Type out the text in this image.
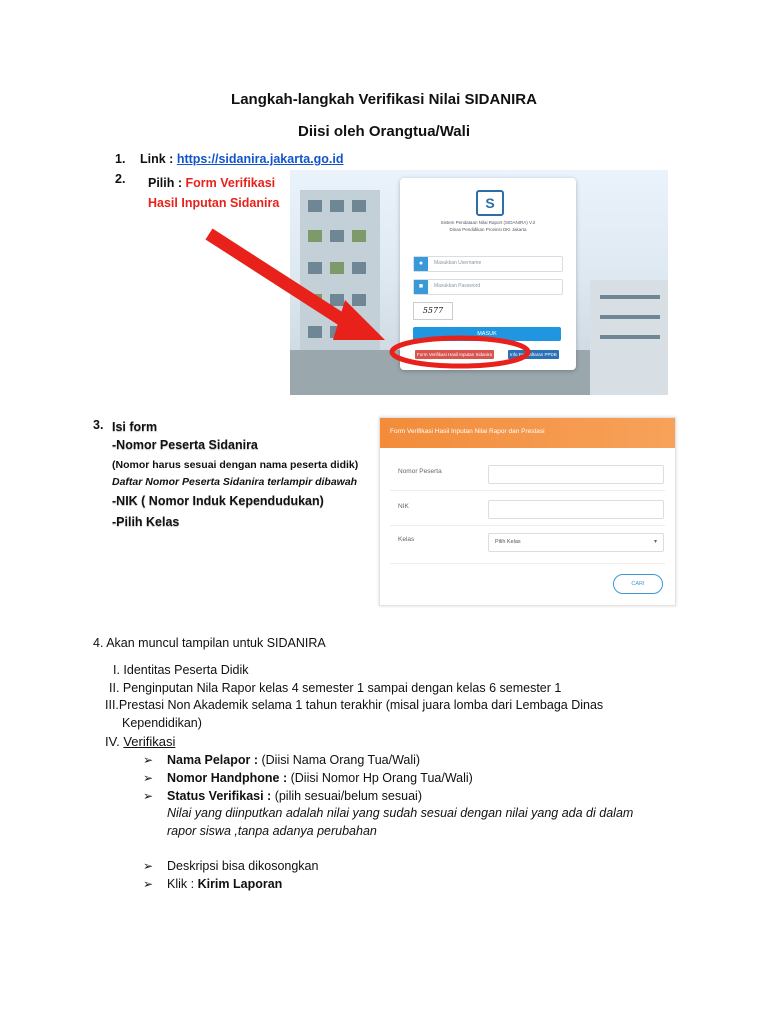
Langkah-langkah Verifikasi Nilai SIDANIRA
Diisi oleh Orangtua/Wali
1. Link : https://sidanira.jakarta.go.id
2. Pilih : Form Verifikasi
Hasil Inputan Sidanira	S
Sistem Pendataan Nilai Raport (SIDANIRA) V.2
Dinas Pendidikan Provinsi DKI Jakarta
●	Masukkan Username
■	Masukkan Password
5577
MASUK
Form Verifikasi Hasil Inputan Sidanira	Info Pendaftaran PPDB
3. Isi form
-Nomor Peserta Sidanira
(Nomor harus sesuai dengan nama peserta didik)
Daftar Nomor Peserta Sidanira terlampir dibawah
-NIK ( Nomor Induk Kependudukan)
-Pilih Kelas
Form Verifikasi Hasil Inputan Nilai Rapor dan Prestasi
Nomor Peserta
NIK
Kelas	Pilih Kelas	▾
CARI
4. Akan muncul tampilan untuk SIDANIRA
I. Identitas Peserta Didik
II. Penginputan Nila Rapor kelas 4 semester 1 sampai dengan kelas 6 semester 1
III.Prestasi Non Akademik selama 1 tahun terakhir (misal juara lomba dari Lembaga Dinas
Kependidikan)
IV. Verifikasi
➢ Nama Pelapor : (Diisi Nama Orang Tua/Wali)
➢ Nomor Handphone : (Diisi Nomor Hp Orang Tua/Wali)
➢ Status Verifikasi : (pilih sesuai/belum sesuai)
Nilai yang diinputkan adalah nilai yang sudah sesuai dengan nilai yang ada di dalam
rapor siswa ,tanpa adanya perubahan
➢ Deskripsi bisa dikosongkan
➢ Klik : Kirim Laporan
